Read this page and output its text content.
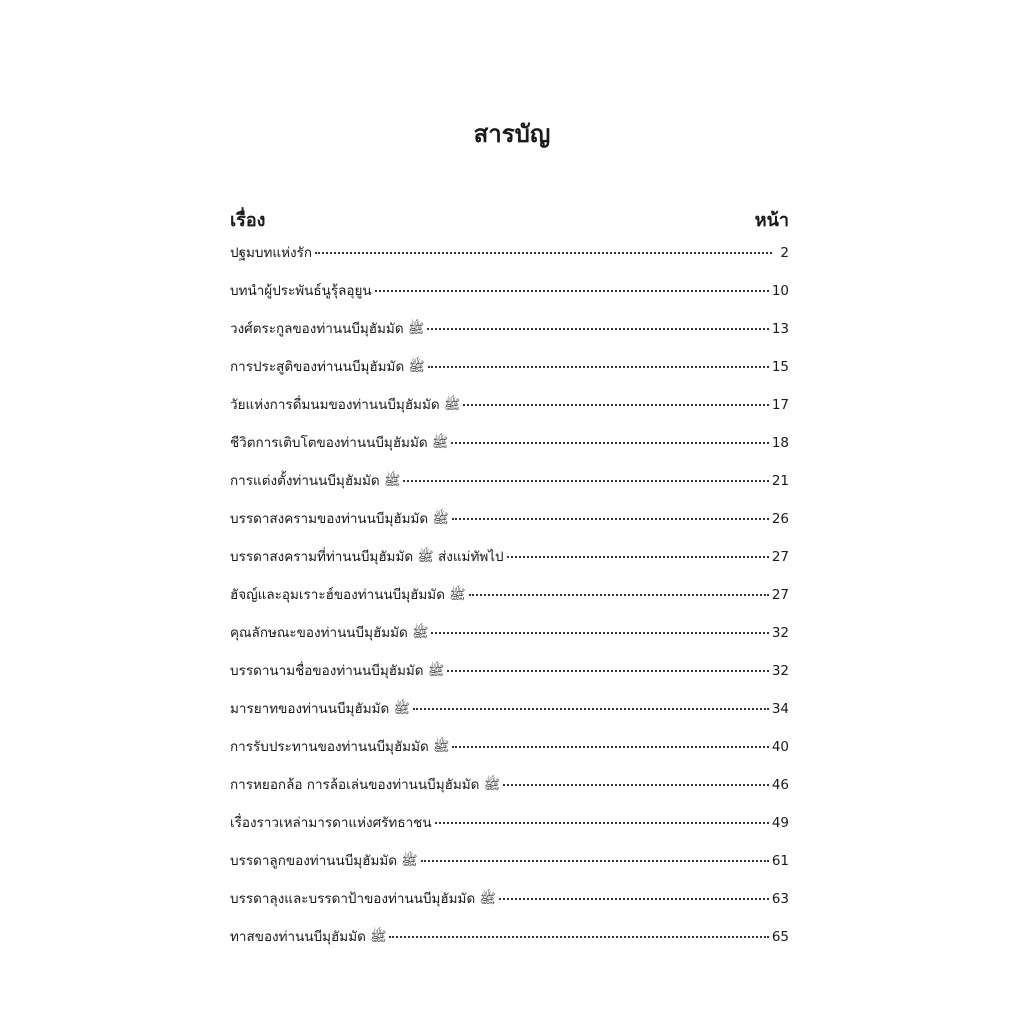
สารบัญ
เรื่อง	หน้า
ปฐมบทแห่งรัก	2
บทนำผู้ประพันธ์นูรุ้ลอุยูน	10
วงศ์ตระกูลของท่านนบีมุฮัมมัด ﷺ	13
การประสูติของท่านนบีมุฮัมมัด ﷺ	15
วัยแห่งการดื่มนมของท่านนบีมุฮัมมัด ﷺ	17
ชีวิตการเติบโตของท่านนบีมุฮัมมัด ﷺ	18
การแต่งตั้งท่านนบีมุฮัมมัด ﷺ	21
บรรดาสงครามของท่านนบีมุฮัมมัด ﷺ	26
บรรดาสงครามที่ท่านนบีมุฮัมมัด ﷺ ส่งแม่ทัพไป	27
ฮัจญ์และอุมเราะฮ์ของท่านนบีมุฮัมมัด ﷺ	27
คุณลักษณะของท่านนบีมุฮัมมัด ﷺ	32
บรรดานามชื่อของท่านนบีมุฮัมมัด ﷺ	32
มารยาทของท่านนบีมุฮัมมัด ﷺ	34
การรับประทานของท่านนบีมุฮัมมัด ﷺ	40
การหยอกล้อ การล้อเล่นของท่านนบีมุฮัมมัด ﷺ	46
เรื่องราวเหล่ามารดาแห่งศรัทธาชน	49
บรรดาลูกของท่านนบีมุฮัมมัด ﷺ	61
บรรดาลุงและบรรดาป้าของท่านนบีมุฮัมมัด ﷺ	63
ทาสของท่านนบีมุฮัมมัด ﷺ	65
